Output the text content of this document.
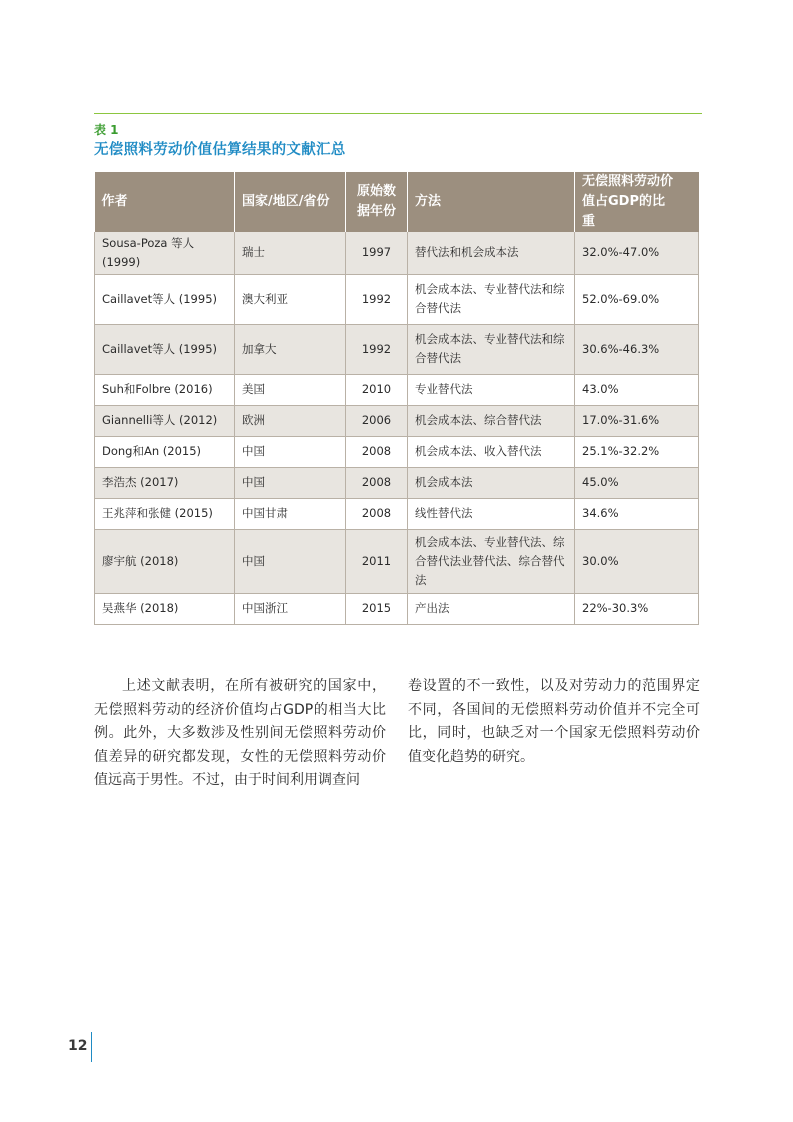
表 1
无偿照料劳动价值估算结果的文献汇总
作者	国家/地区/省份	原始数据年份	方法	无偿照料劳动价值占GDP的比重
Sousa-Poza 等人 (1999)	瑞士	1997	替代法和机会成本法	32.0%-47.0%
Caillavet等人 (1995)	澳大利亚	1992	机会成本法、专业替代法和综合替代法	52.0%-69.0%
Caillavet等人 (1995)	加拿大	1992	机会成本法、专业替代法和综合替代法	30.6%-46.3%
Suh和Folbre (2016)	美国	2010	专业替代法	43.0%
Giannelli等人 (2012)	欧洲	2006	机会成本法、综合替代法	17.0%-31.6%
Dong和An (2015)	中国	2008	机会成本法、收入替代法	25.1%-32.2%
李浩杰 (2017)	中国	2008	机会成本法	45.0%
王兆萍和张健 (2015)	中国甘肃	2008	线性替代法	34.6%
廖宇航 (2018)	中国	2011	机会成本法、专业替代法、综合替代法业替代法、综合替代法	30.0%
吴燕华 (2018)	中国浙江	2015	产出法	22%-30.3%
上述文献表明，在所有被研究的国家中，无偿照料劳动的经济价值均占GDP的相当大比例。此外，大多数涉及性别间无偿照料劳动价值差异的研究都发现，女性的无偿照料劳动价值远高于男性。不过，由于时间利用调查问
卷设置的不一致性，以及对劳动力的范围界定不同，各国间的无偿照料劳动价值并不完全可比，同时，也缺乏对一个国家无偿照料劳动价值变化趋势的研究。
12
